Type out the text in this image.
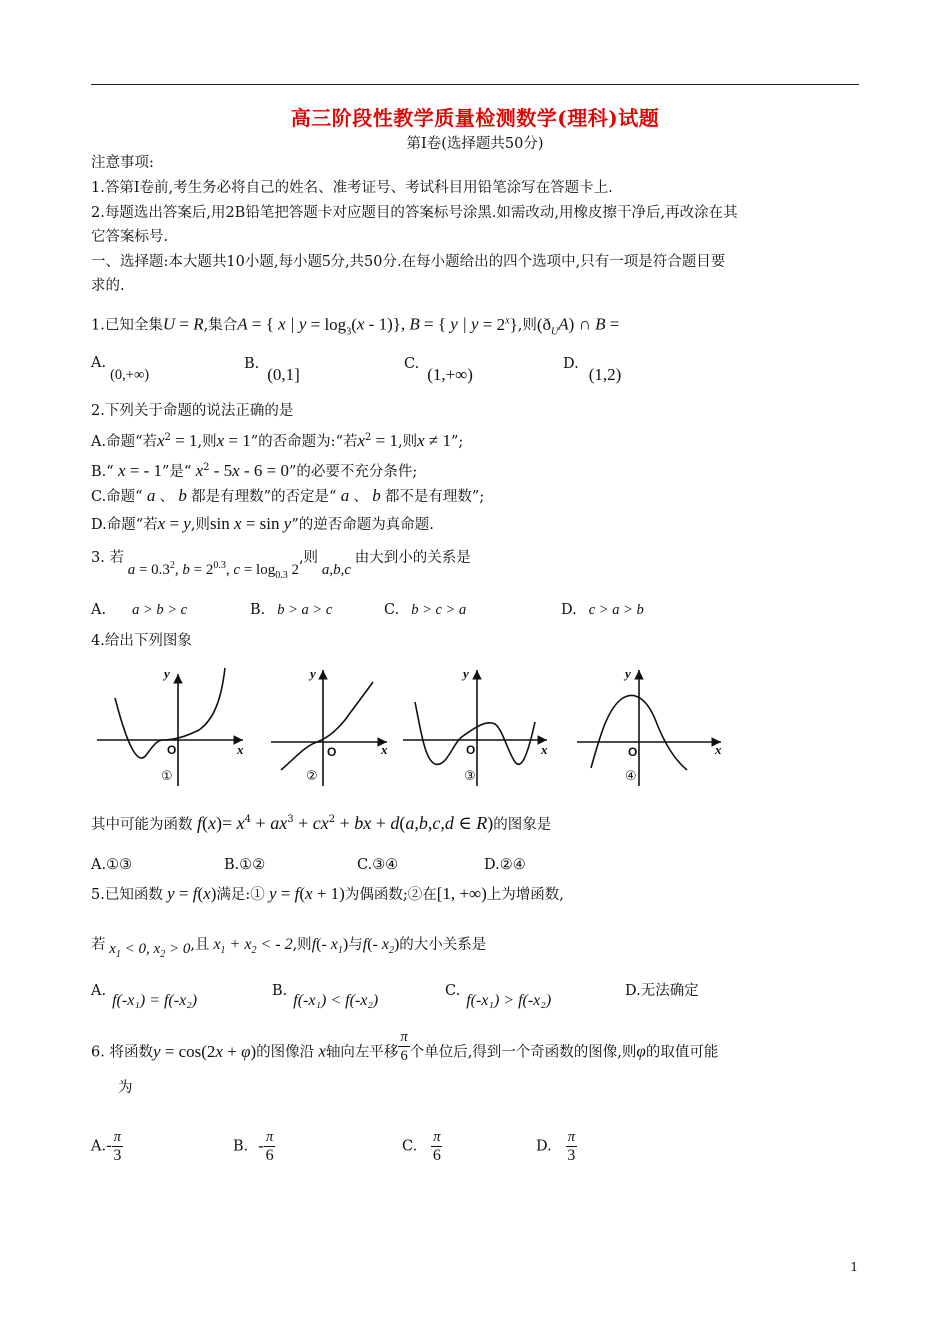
高三阶段性教学质量检测数学(理科)试题
第Ⅰ卷(选择题共50分)
注意事项:
1.答第Ⅰ卷前,考生务必将自己的姓名、准考证号、考试科目用铅笔涂写在答题卡上.
2.每题选出答案后,用2B铅笔把答题卡对应题目的答案标号涂黑.如需改动,用橡皮擦干净后,再改涂在其
它答案标号.
一、选择题:本大题共10小题,每小题5分,共50分.在每小题给出的四个选项中,只有一项是符合题目要
求的.
1.已知全集U = R,集合A = { x | $y = \log_3(x - 1)$}, B = { y | $y = 2^x$},则$(ð_UA)$ ∩ B =
A.(0,+∞)
B.(0,1]
C.(1,+∞)
D.(1,2)
2.下列关于命题的说法正确的是
A.命题“若$x^2 = 1$,则x = 1”的否命题为:“若$x^2 = 1$,则x ≠ 1”;
B.“ x = - 1”是“ $x^2 - 5x - 6 = 0$”的必要不充分条件;
C.命题“ a 、 b 都是有理数”的否定是“ a 、 b 都不是有理数”;
D.命题“若x = y,则sin x = sin y”的逆否命题为真命题.
3. 若 $a = 0.3^2$, $b = 2^{0.3}$, $c = \log_{0.3} 2$,则 a,b,c 由大到小的关系是
A. a > b > c	B. b > a > c	C. b > c > a	D. c > a > b
4.给出下列图象
y
x
y
x
y
x
y
x
O	O	O	O
①	②	③	④
其中可能为函数 $f(x)= x^4 + ax^3 + cx^2$ + bx + d(a,b,c,d ∈ R)的图象是
A.①③	B.①②	C.③④	D.②④
5.已知函数 y = f(x)满足:① y = f(x + 1)为偶函数;②在[1, +∞)上为增函数,
若 $x_1 < 0$, $x_2 > 0$,且 $x_1 + x_2$ < - 2,则f(- $x_1$)与f(- $x_2$)的大小关系是
A.f(-x₁) = f(-x₂)
B.f(-x₁) < f(-x₂)
C.f(-x₁) > f(-x₂)
D.无法确定
6. 将函数y = cos(2x + φ)的图像沿 x轴向左平移 $\frac{\pi}{6}$ 个单位后,得到一个奇函数的图像,则φ的取值可能
为
$A.- \frac{\pi}{3}$	B. - $\frac{\pi}{6}$	C. $\frac{\pi}{6}$	D. $\frac{\pi}{3}$
1
